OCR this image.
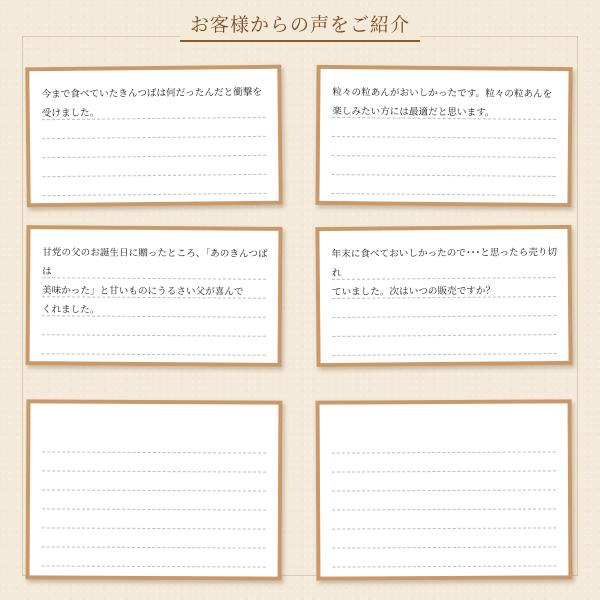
お客様からの声をご紹介
今まで食べていたきんつばは何だったんだと衝撃を
受けました。
粒々の粒あんがおいしかったです。粒々の粒あんを
楽しみたい方には最適だと思います。
甘党の父のお誕生日に贈ったところ、「あのきんつばは
美味かった」と甘いものにうるさい父が喜んで
くれました。
年末に食べておいしかったので･･･と思ったら売り切れ
ていました。次はいつの販売ですか？
